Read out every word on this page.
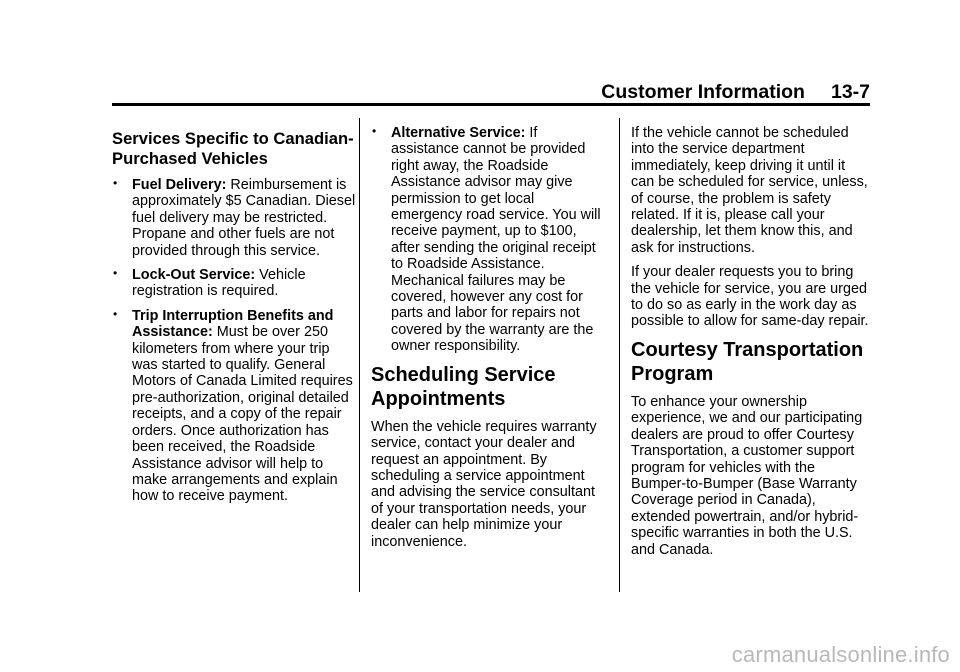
Customer Information 13-7
Services Specific to Canadian-Purchased Vehicles
• Fuel Delivery: Reimbursement is approximately $5 Canadian. Diesel fuel delivery may be restricted. Propane and other fuels are not provided through this service.
• Lock-Out Service: Vehicle registration is required.
• Trip Interruption Benefits and Assistance: Must be over 250 kilometers from where your trip was started to qualify. General Motors of Canada Limited requires pre-authorization, original detailed receipts, and a copy of the repair orders. Once authorization has been received, the Roadside Assistance advisor will help to make arrangements and explain how to receive payment.
• Alternative Service: If assistance cannot be provided right away, the Roadside Assistance advisor may give permission to get local emergency road service. You will receive payment, up to $100, after sending the original receipt to Roadside Assistance. Mechanical failures may be covered, however any cost for parts and labor for repairs not covered by the warranty are the owner responsibility.
Scheduling Service Appointments

When the vehicle requires warranty service, contact your dealer and request an appointment. By scheduling a service appointment and advising the service consultant of your transportation needs, your dealer can help minimize your inconvenience.

If the vehicle cannot be scheduled into the service department immediately, keep driving it until it can be scheduled for service, unless, of course, the problem is safety related. If it is, please call your dealership, let them know this, and ask for instructions.

If your dealer requests you to bring the vehicle for service, you are urged to do so as early in the work day as possible to allow for same-day repair.

Courtesy Transportation Program

To enhance your ownership experience, we and our participating dealers are proud to offer Courtesy Transportation, a customer support program for vehicles with the Bumper-to-Bumper (Base Warranty Coverage period in Canada), extended powertrain, and/or hybrid-specific warranties in both the U.S. and Canada.

carmanualsonline.info
